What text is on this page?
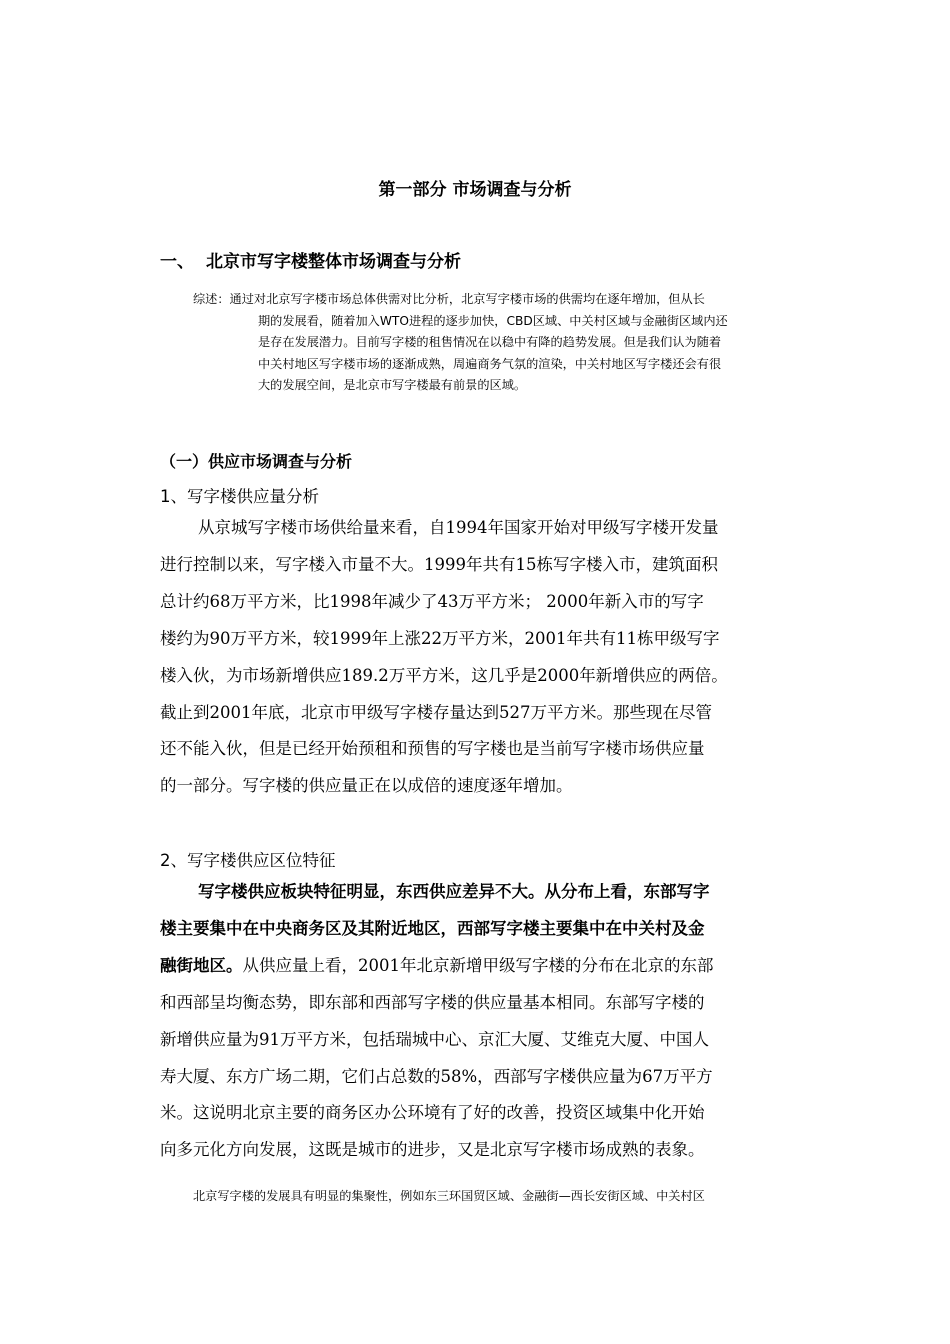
第一部分 市场调查与分析
一、 北京市写字楼整体市场调查与分析
综述：通过对北京写字楼市场总体供需对比分析，北京写字楼市场的供需均在逐年增加，但从长
期的发展看，随着加入WTO进程的逐步加快，CBD区域、中关村区域与金融街区域内还
是存在发展潜力。目前写字楼的租售情况在以稳中有降的趋势发展。但是我们认为随着
中关村地区写字楼市场的逐渐成熟，周遍商务气氛的渲染，中关村地区写字楼还会有很
大的发展空间，是北京市写字楼最有前景的区域。
（一）供应市场调查与分析
1、写字楼供应量分析
从京城写字楼市场供给量来看，自1994年国家开始对甲级写字楼开发量
进行控制以来，写字楼入市量不大。1999年共有15栋写字楼入市，建筑面积
总计约68万平方米，比1998年减少了43万平方米； 2000年新入市的写字
楼约为90万平方米，较1999年上涨22万平方米，2001年共有11栋甲级写字
楼入伙，为市场新增供应189.2万平方米，这几乎是2000年新增供应的两倍。
截止到2001年底，北京市甲级写字楼存量达到527万平方米。那些现在尽管
还不能入伙，但是已经开始预租和预售的写字楼也是当前写字楼市场供应量
的一部分。写字楼的供应量正在以成倍的速度逐年增加。
2、写字楼供应区位特征
写字楼供应板块特征明显，东西供应差异不大。从分布上看，东部写字
楼主要集中在中央商务区及其附近地区，西部写字楼主要集中在中关村及金
融街地区。从供应量上看，2001年北京新增甲级写字楼的分布在北京的东部
和西部呈均衡态势，即东部和西部写字楼的供应量基本相同。东部写字楼的
新增供应量为91万平方米，包括瑞城中心、京汇大厦、艾维克大厦、中国人
寿大厦、东方广场二期，它们占总数的58%，西部写字楼供应量为67万平方
米。这说明北京主要的商务区办公环境有了好的改善，投资区域集中化开始
向多元化方向发展，这既是城市的进步，又是北京写字楼市场成熟的表象。
北京写字楼的发展具有明显的集聚性，例如东三环国贸区域、金融街—西长安街区域、中关村区
